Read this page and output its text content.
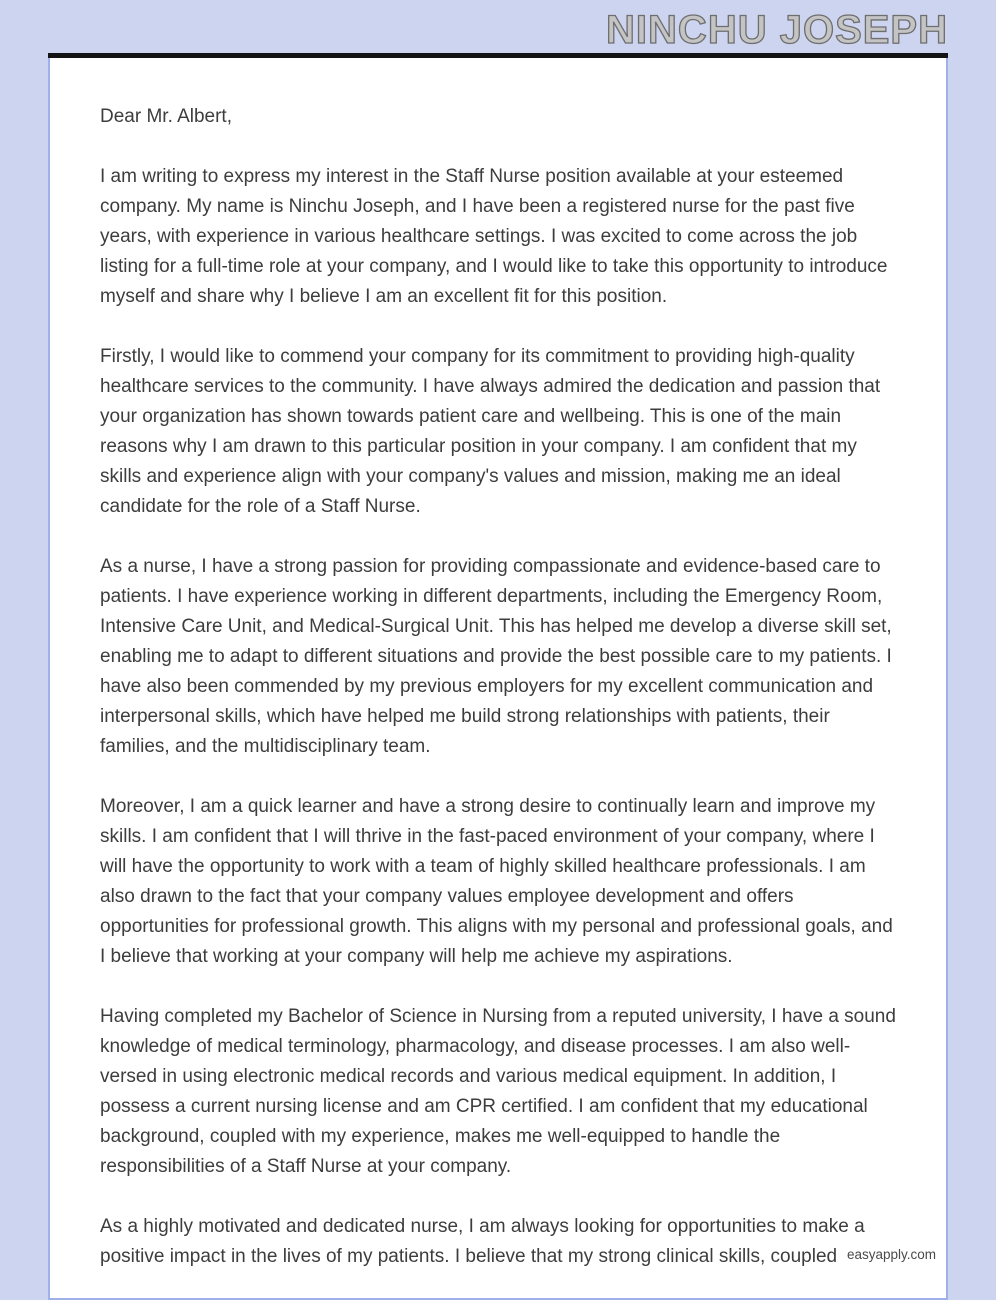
NINCHU JOSEPH

Dear Mr. Albert,

I am writing to express my interest in the Staff Nurse position available at your esteemed company. My name is Ninchu Joseph, and I have been a registered nurse for the past five years, with experience in various healthcare settings. I was excited to come across the job listing for a full-time role at your company, and I would like to take this opportunity to introduce myself and share why I believe I am an excellent fit for this position.

Firstly, I would like to commend your company for its commitment to providing high-quality healthcare services to the community. I have always admired the dedication and passion that your organization has shown towards patient care and wellbeing. This is one of the main reasons why I am drawn to this particular position in your company. I am confident that my skills and experience align with your company's values and mission, making me an ideal candidate for the role of a Staff Nurse.

As a nurse, I have a strong passion for providing compassionate and evidence-based care to patients. I have experience working in different departments, including the Emergency Room, Intensive Care Unit, and Medical-Surgical Unit. This has helped me develop a diverse skill set, enabling me to adapt to different situations and provide the best possible care to my patients. I have also been commended by my previous employers for my excellent communication and interpersonal skills, which have helped me build strong relationships with patients, their families, and the multidisciplinary team.

Moreover, I am a quick learner and have a strong desire to continually learn and improve my skills. I am confident that I will thrive in the fast-paced environment of your company, where I will have the opportunity to work with a team of highly skilled healthcare professionals. I am also drawn to the fact that your company values employee development and offers opportunities for professional growth. This aligns with my personal and professional goals, and I believe that working at your company will help me achieve my aspirations.

Having completed my Bachelor of Science in Nursing from a reputed university, I have a sound knowledge of medical terminology, pharmacology, and disease processes. I am also well-versed in using electronic medical records and various medical equipment. In addition, I possess a current nursing license and am CPR certified. I am confident that my educational background, coupled with my experience, makes me well-equipped to handle the responsibilities of a Staff Nurse at your company.

As a highly motivated and dedicated nurse, I am always looking for opportunities to make a positive impact in the lives of my patients. I believe that my strong clinical skills, coupled easyapply.com
